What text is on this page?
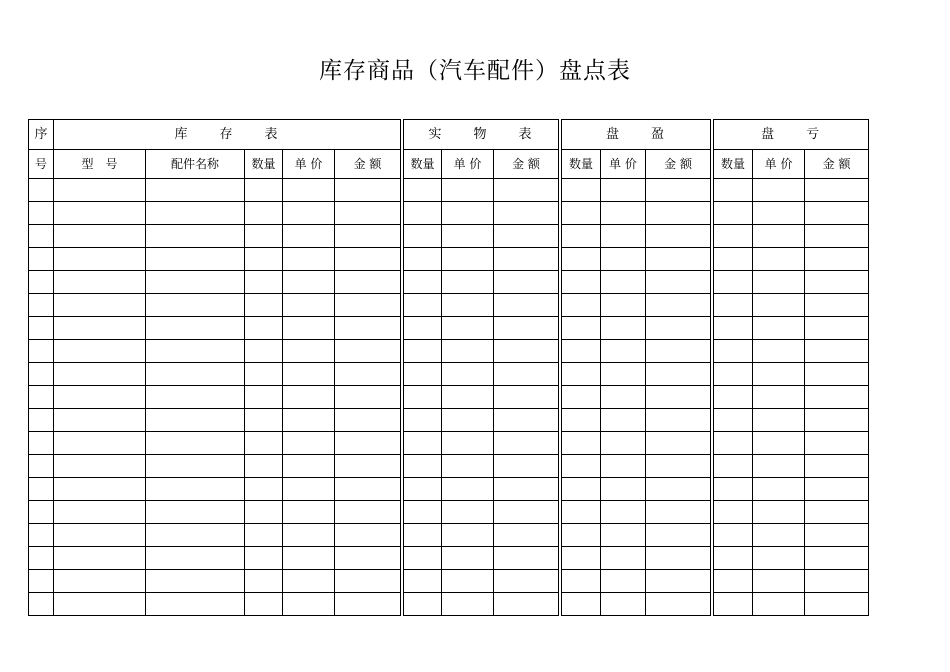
库存商品（汽车配件）盘点表
序	库　　存　　表						实　　物　　表				盘　　盈				盘　　亏		
号	型　号	配件名称	数量	单 价	金 额		数量	单 价	金 额		数量	单 价	金 额		数量	单 价	金 额
